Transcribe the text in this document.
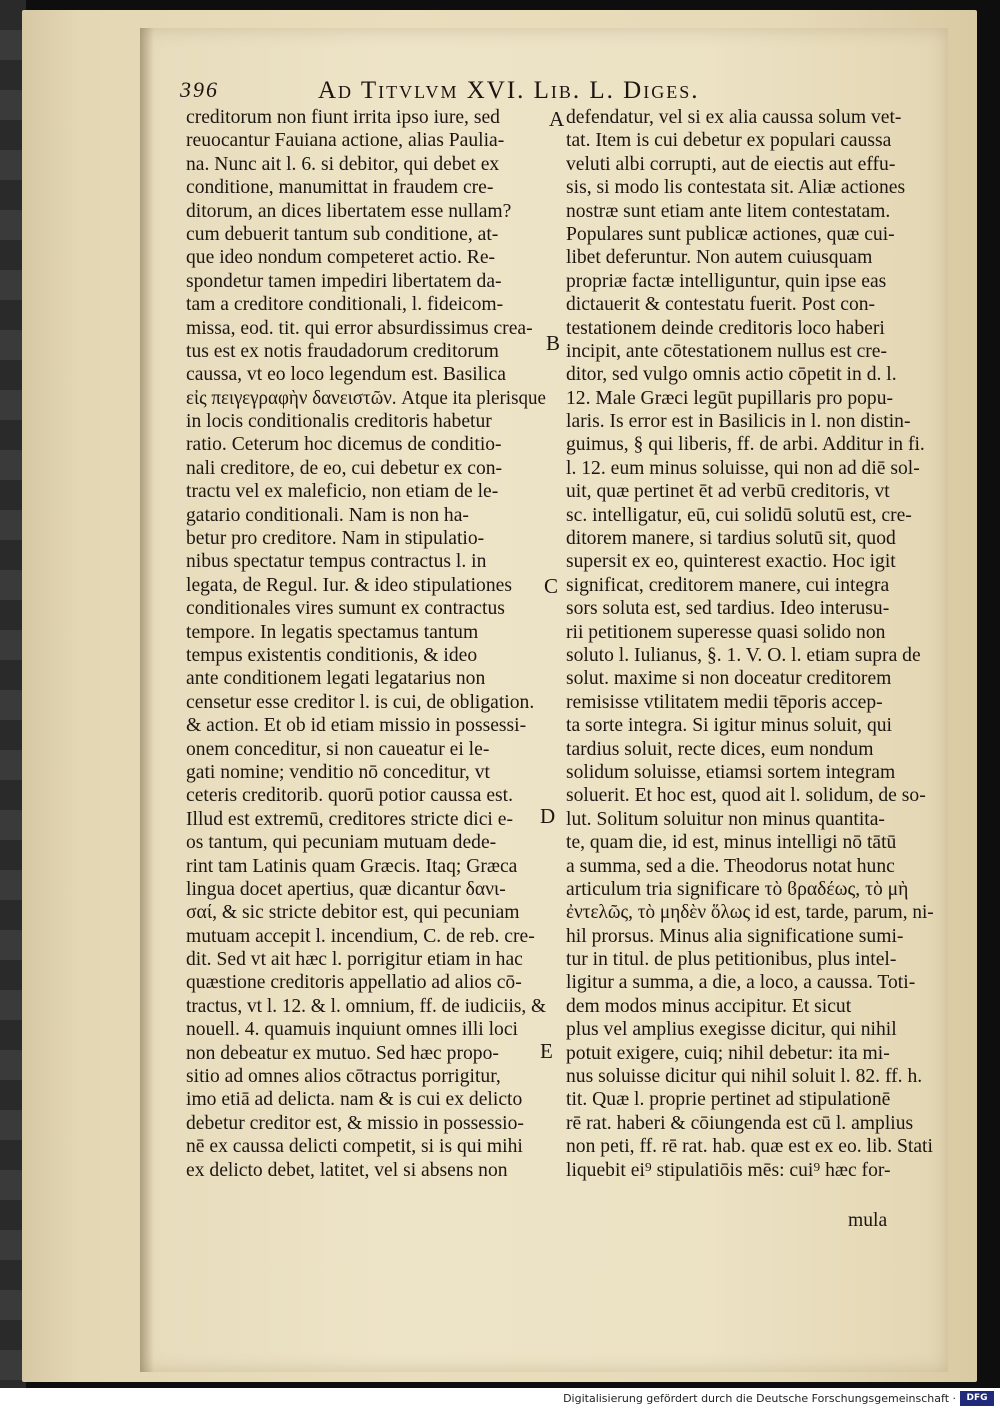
396	Ad Titvlvm XVI. Lib. L. Diges.
creditorum non fiunt irrita ipso iure, sed
reuocantur Fauiana actione, alias Paulia-
na. Nunc ait l. 6. si debitor, qui debet ex
conditione, manumittat in fraudem cre-
ditorum, an dices libertatem esse nullam?
cum debuerit tantum sub conditione, at-
que ideo nondum competeret actio. Re-
spondetur tamen impediri libertatem da-
tam a creditore conditionali, l. fideicom-
missa, eod. tit. qui error absurdissimus crea-
tus est ex notis fraudadorum creditorum
caussa, vt eo loco legendum est. Basilica
εἰς πειγεγραφὴν δανειστῶν. Atque ita plerisque
in locis conditionalis creditoris habetur
ratio. Ceterum hoc dicemus de conditio-
nali creditore, de eo, cui debetur ex con-
tractu vel ex maleficio, non etiam de le-
gatario conditionali. Nam is non ha-
betur pro creditore. Nam in stipulatio-
nibus spectatur tempus contractus l. in
legata, de Regul. Iur. & ideo stipulationes
conditionales vires sumunt ex contractus
tempore. In legatis spectamus tantum
tempus existentis conditionis, & ideo
ante conditionem legati legatarius non
censetur esse creditor l. is cui, de obligation.
& action. Et ob id etiam missio in possessi-
onem conceditur, si non caueatur ei le-
gati nomine; venditio nō conceditur, vt
ceteris creditorib. quorū potior caussa est.
Illud est extremū, creditores stricte dici e-
os tantum, qui pecuniam mutuam dede-
rint tam Latinis quam Græcis. Itaq; Græca
lingua docet apertius, quæ dicantur δανι-
σαί, & sic stricte debitor est, qui pecuniam
mutuam accepit l. incendium, C. de reb. cre-
dit. Sed vt ait hæc l. porrigitur etiam in hac
quæstione creditoris appellatio ad alios cō-
tractus, vt l. 12. & l. omnium, ff. de iudiciis, &
nouell. 4. quamuis inquiunt omnes illi loci
non debeatur ex mutuo. Sed hæc propo-
sitio ad omnes alios cōtractus porrigitur,
imo etiā ad delicta. nam & is cui ex delicto
debetur creditor est, & missio in possessio-
nē ex caussa delicti competit, si is qui mihi
ex delicto debet, latitet, vel si absens non
defendatur, vel si ex alia caussa solum vet-
tat. Item is cui debetur ex populari caussa
veluti albi corrupti, aut de eiectis aut effu-
sis, si modo lis contestata sit. Aliæ actiones
nostræ sunt etiam ante litem contestatam.
Populares sunt publicæ actiones, quæ cui-
libet deferuntur. Non autem cuiusquam
propriæ factæ intelliguntur, quin ipse eas
dictauerit & contestatu fuerit. Post con-
testationem deinde creditoris loco haberi
incipit, ante cōtestationem nullus est cre-
ditor, sed vulgo omnis actio cōpetit in d. l.
12. Male Græci legūt pupillaris pro popu-
laris. Is error est in Basilicis in l. non distin-
guimus, § qui liberis, ff. de arbi. Additur in fi.
l. 12. eum minus soluisse, qui non ad diē sol-
uit, quæ pertinet ēt ad verbū creditoris, vt
sc. intelligatur, eū, cui solidū solutū est, cre-
ditorem manere, si tardius solutū sit, quod
supersit ex eo, quinterest exactio. Hoc igit
significat, creditorem manere, cui integra
sors soluta est, sed tardius. Ideo interusu-
rii petitionem superesse quasi solido non
soluto l. Iulianus, §. 1. V. O. l. etiam supra de
solut. maxime si non doceatur creditorem
remisisse vtilitatem medii tēporis accep-
ta sorte integra. Si igitur minus soluit, qui
tardius soluit, recte dices, eum nondum
solidum soluisse, etiamsi sortem integram
soluerit. Et hoc est, quod ait l. solidum, de so-
lut. Solitum soluitur non minus quantita-
te, quam die, id est, minus intelligi nō tātū
a summa, sed a die. Theodorus notat hunc
articulum tria significare τὸ ϐραδέως, τὸ μὴ
ἐντελῶς, τὸ μηδὲν ὅλως id est, tarde, parum, ni-
hil prorsus. Minus alia significatione sumi-
tur in titul. de plus petitionibus, plus intel-
ligitur a summa, a die, a loco, a caussa. Toti-
dem modos minus accipitur. Et sicut
plus vel amplius exegisse dicitur, qui nihil
potuit exigere, cuiq; nihil debetur: ita mi-
nus soluisse dicitur qui nihil soluit l. 82. ff. h.
tit. Quæ l. proprie pertinet ad stipulationē
rē rat. haberi & cōiungenda est cū l. amplius
non peti, ff. rē rat. hab. quæ est ex eo. lib. Stati
liquebit ei⁹ stipulatiōis mēs: cui⁹ hæc for-
A
B
C
D
E
mula
Digitalisierung gefördert durch die Deutsche Forschungsgemeinschaft ·	DFG
